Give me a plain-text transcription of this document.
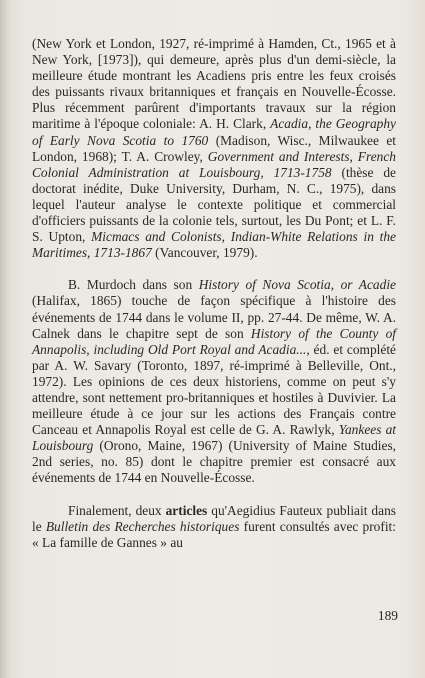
(New York et London, 1927, ré-imprimé à Hamden, Ct., 1965 et à New York, [1973]), qui demeure, après plus d'un demi-siècle, la meilleure étude montrant les Acadiens pris entre les feux croisés des puissants rivaux britanniques et français en Nouvelle-Écosse. Plus récemment parûrent d'importants travaux sur la région maritime à l'époque coloniale: A. H. Clark, Acadia, the Geography of Early Nova Scotia to 1760 (Madison, Wisc., Milwaukee et London, 1968); T. A. Crowley, Government and Interests, French Colonial Administration at Louisbourg, 1713-1758 (thèse de doctorat inédite, Duke University, Durham, N. C., 1975), dans lequel l'auteur analyse le contexte politique et commercial d'officiers puissants de la colonie tels, surtout, les Du Pont; et L. F. S. Upton, Micmacs and Colonists, Indian-White Relations in the Maritimes, 1713-1867 (Vancouver, 1979).

B. Murdoch dans son History of Nova Scotia, or Acadie (Halifax, 1865) touche de façon spécifique à l'histoire des événements de 1744 dans le volume II, pp. 27-44. De même, W. A. Calnek dans le chapitre sept de son History of the County of Annapolis, including Old Port Royal and Acadia..., éd. et complété par A. W. Savary (Toronto, 1897, ré-imprimé à Belleville, Ont., 1972). Les opinions de ces deux historiens, comme on peut s'y attendre, sont nettement pro-britanniques et hostiles à Duvivier. La meilleure étude à ce jour sur les actions des Français contre Canceau et Annapolis Royal est celle de G. A. Rawlyk, Yankees at Louisbourg (Orono, Maine, 1967) (University of Maine Studies, 2nd series, no. 85) dont le chapitre premier est consacré aux événements de 1744 en Nouvelle-Écosse.

Finalement, deux articles qu'Aegidius Fauteux publiait dans le Bulletin des Recherches historiques furent consultés avec profit: « La famille de Gannes » au

189
